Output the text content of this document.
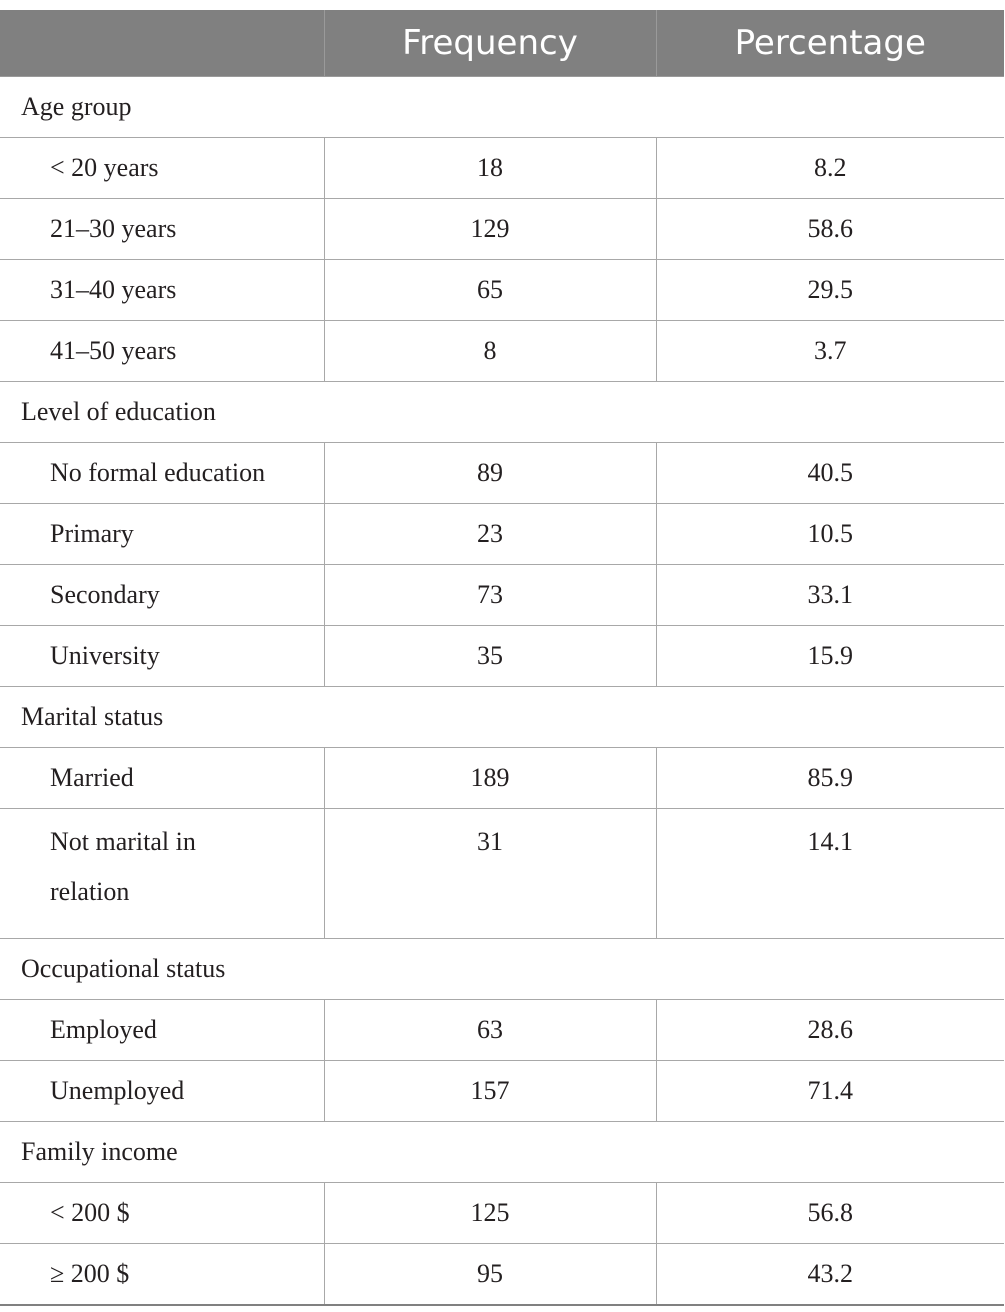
	Frequency	Percentage
Age group		
< 20 years	18	8.2
21–30 years	129	58.6
31–40 years	65	29.5
41–50 years	8	3.7
Level of education		
No formal education	89	40.5
Primary	23	10.5
Secondary	73	33.1
University	35	15.9
Marital status		
Married	189	85.9
Not marital in relation	31	14.1
Occupational status		
Employed	63	28.6
Unemployed	157	71.4
Family income		
< 200 $	125	56.8
≥ 200 $	95	43.2
